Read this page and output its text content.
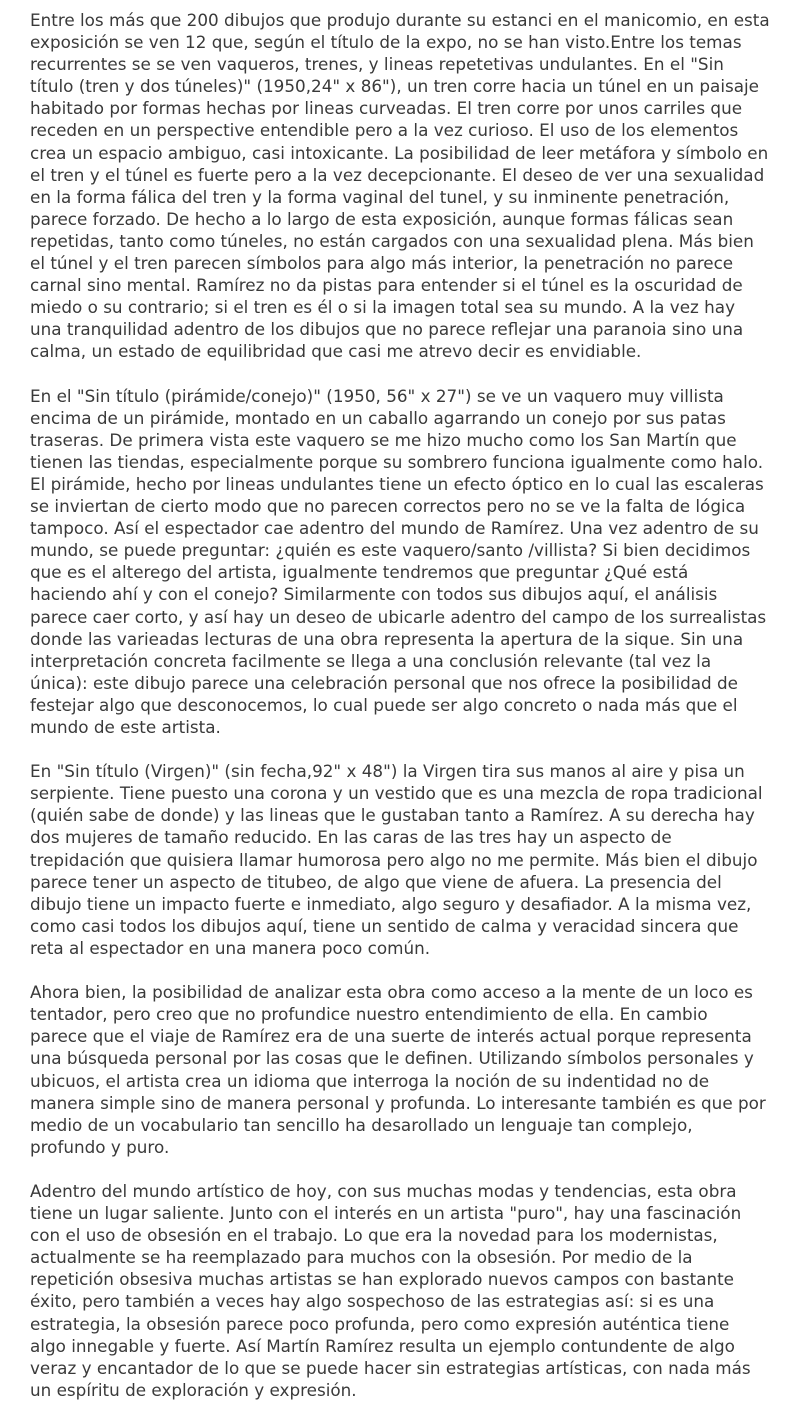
Entre los más que 200 dibujos que produjo durante su estanci en el manicomio, en esta exposición se ven 12 que, según el título de la expo, no se han visto.Entre los temas recurrentes se se ven vaqueros, trenes, y lineas repetetivas undulantes. En el "Sin título (tren y dos túneles)" (1950,24" x 86"), un tren corre hacia un túnel en un paisaje habitado por formas hechas por lineas curveadas. El tren corre por unos carriles que receden en un perspective entendible pero a la vez curioso. El uso de los elementos crea un espacio ambiguo, casi intoxicante. La posibilidad de leer metáfora y símbolo en el tren y el túnel es fuerte pero a la vez decepcionante. El deseo de ver una sexualidad en la forma fálica del tren y la forma vaginal del tunel, y su inminente penetración, parece forzado. De hecho a lo largo de esta exposición, aunque formas fálicas sean repetidas, tanto como túneles, no están cargados con una sexualidad plena. Más bien el túnel y el tren parecen símbolos para algo más interior, la penetración no parece carnal sino mental. Ramírez no da pistas para entender si el túnel es la oscuridad de miedo o su contrario; si el tren es él o si la imagen total sea su mundo. A la vez hay una tranquilidad adentro de los dibujos que no parece reflejar una paranoia sino una calma, un estado de equilibridad que casi me atrevo decir es envidiable.

En el "Sin título (pirámide/conejo)" (1950, 56" x 27") se ve un vaquero muy villista encima de un pirámide, montado en un caballo agarrando un conejo por sus patas traseras. De primera vista este vaquero se me hizo mucho como los San Martín que tienen las tiendas, especialmente porque su sombrero funciona igualmente como halo. El pirámide, hecho por lineas undulantes tiene un efecto óptico en lo cual las escaleras se inviertan de cierto modo que no parecen correctos pero no se ve la falta de lógica tampoco. Así el espectador cae adentro del mundo de Ramírez. Una vez adentro de su mundo, se puede preguntar: ¿quién es este vaquero/santo /villista? Si bien decidimos que es el alterego del artista, igualmente tendremos que preguntar ¿Qué está haciendo ahí y con el conejo? Similarmente con todos sus dibujos aquí, el análisis parece caer corto, y así hay un deseo de ubicarle adentro del campo de los surrealistas donde las varieadas lecturas de una obra representa la apertura de la sique. Sin una interpretación concreta facilmente se llega a una conclusión relevante (tal vez la única): este dibujo parece una celebración personal que nos ofrece la posibilidad de festejar algo que desconocemos, lo cual puede ser algo concreto o nada más que el mundo de este artista.

En "Sin título (Virgen)" (sin fecha,92" x 48") la Virgen tira sus manos al aire y pisa un serpiente. Tiene puesto una corona y un vestido que es una mezcla de ropa tradicional (quién sabe de donde) y las lineas que le gustaban tanto a Ramírez. A su derecha hay dos mujeres de tamaño reducido. En las caras de las tres hay un aspecto de trepidación que quisiera llamar humorosa pero algo no me permite. Más bien el dibujo parece tener un aspecto de titubeo, de algo que viene de afuera. La presencia del dibujo tiene un impacto fuerte e inmediato, algo seguro y desafiador. A la misma vez, como casi todos los dibujos aquí, tiene un sentido de calma y veracidad sincera que reta al espectador en una manera poco común.

Ahora bien, la posibilidad de analizar esta obra como acceso a la mente de un loco es tentador, pero creo que no profundice nuestro entendimiento de ella. En cambio parece que el viaje de Ramírez era de una suerte de interés actual porque representa una búsqueda personal por las cosas que le definen. Utilizando símbolos personales y ubicuos, el artista crea un idioma que interroga la noción de su indentidad no de manera simple sino de manera personal y profunda. Lo interesante también es que por medio de un vocabulario tan sencillo ha desarollado un lenguaje tan complejo, profundo y puro.

Adentro del mundo artístico de hoy, con sus muchas modas y tendencias, esta obra tiene un lugar saliente. Junto con el interés en un artista "puro", hay una fascinación con el uso de obsesión en el trabajo. Lo que era la novedad para los modernistas, actualmente se ha reemplazado para muchos con la obsesión. Por medio de la repetición obsesiva muchas artistas se han explorado nuevos campos con bastante éxito, pero también a veces hay algo sospechoso de las estrategias así: si es una estrategia, la obsesión parece poco profunda, pero como expresión auténtica tiene algo innegable y fuerte. Así Martín Ramírez resulta un ejemplo contundente de algo veraz y encantador de lo que se puede hacer sin estrategias artísticas, con nada más un espíritu de exploración y expresión.
